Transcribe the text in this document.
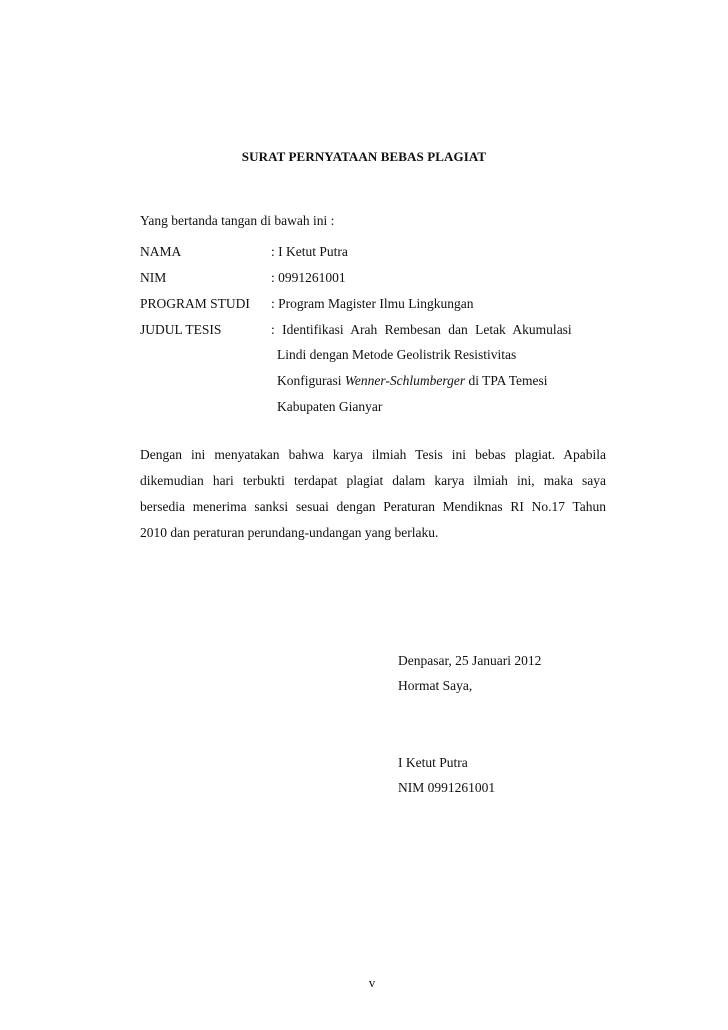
SURAT PERNYATAAN BEBAS PLAGIAT
Yang bertanda tangan di bawah ini :
NAMA	: I Ketut Putra
NIM	: 0991261001
PROGRAM STUDI : Program Magister Ilmu Lingkungan
JUDUL TESIS	: Identifikasi Arah Rembesan dan Letak Akumulasi
Lindi dengan Metode Geolistrik Resistivitas
Konfigurasi Wenner-Schlumberger di TPA Temesi
Kabupaten Gianyar
Dengan ini menyatakan bahwa karya ilmiah Tesis ini bebas plagiat. Apabila
dikemudian hari terbukti terdapat plagiat dalam karya ilmiah ini, maka saya
bersedia menerima sanksi sesuai dengan Peraturan Mendiknas RI No.17 Tahun
2010 dan peraturan perundang-undangan yang berlaku.
Denpasar, 25 Januari 2012
Hormat Saya,
I Ketut Putra
NIM 0991261001
v
